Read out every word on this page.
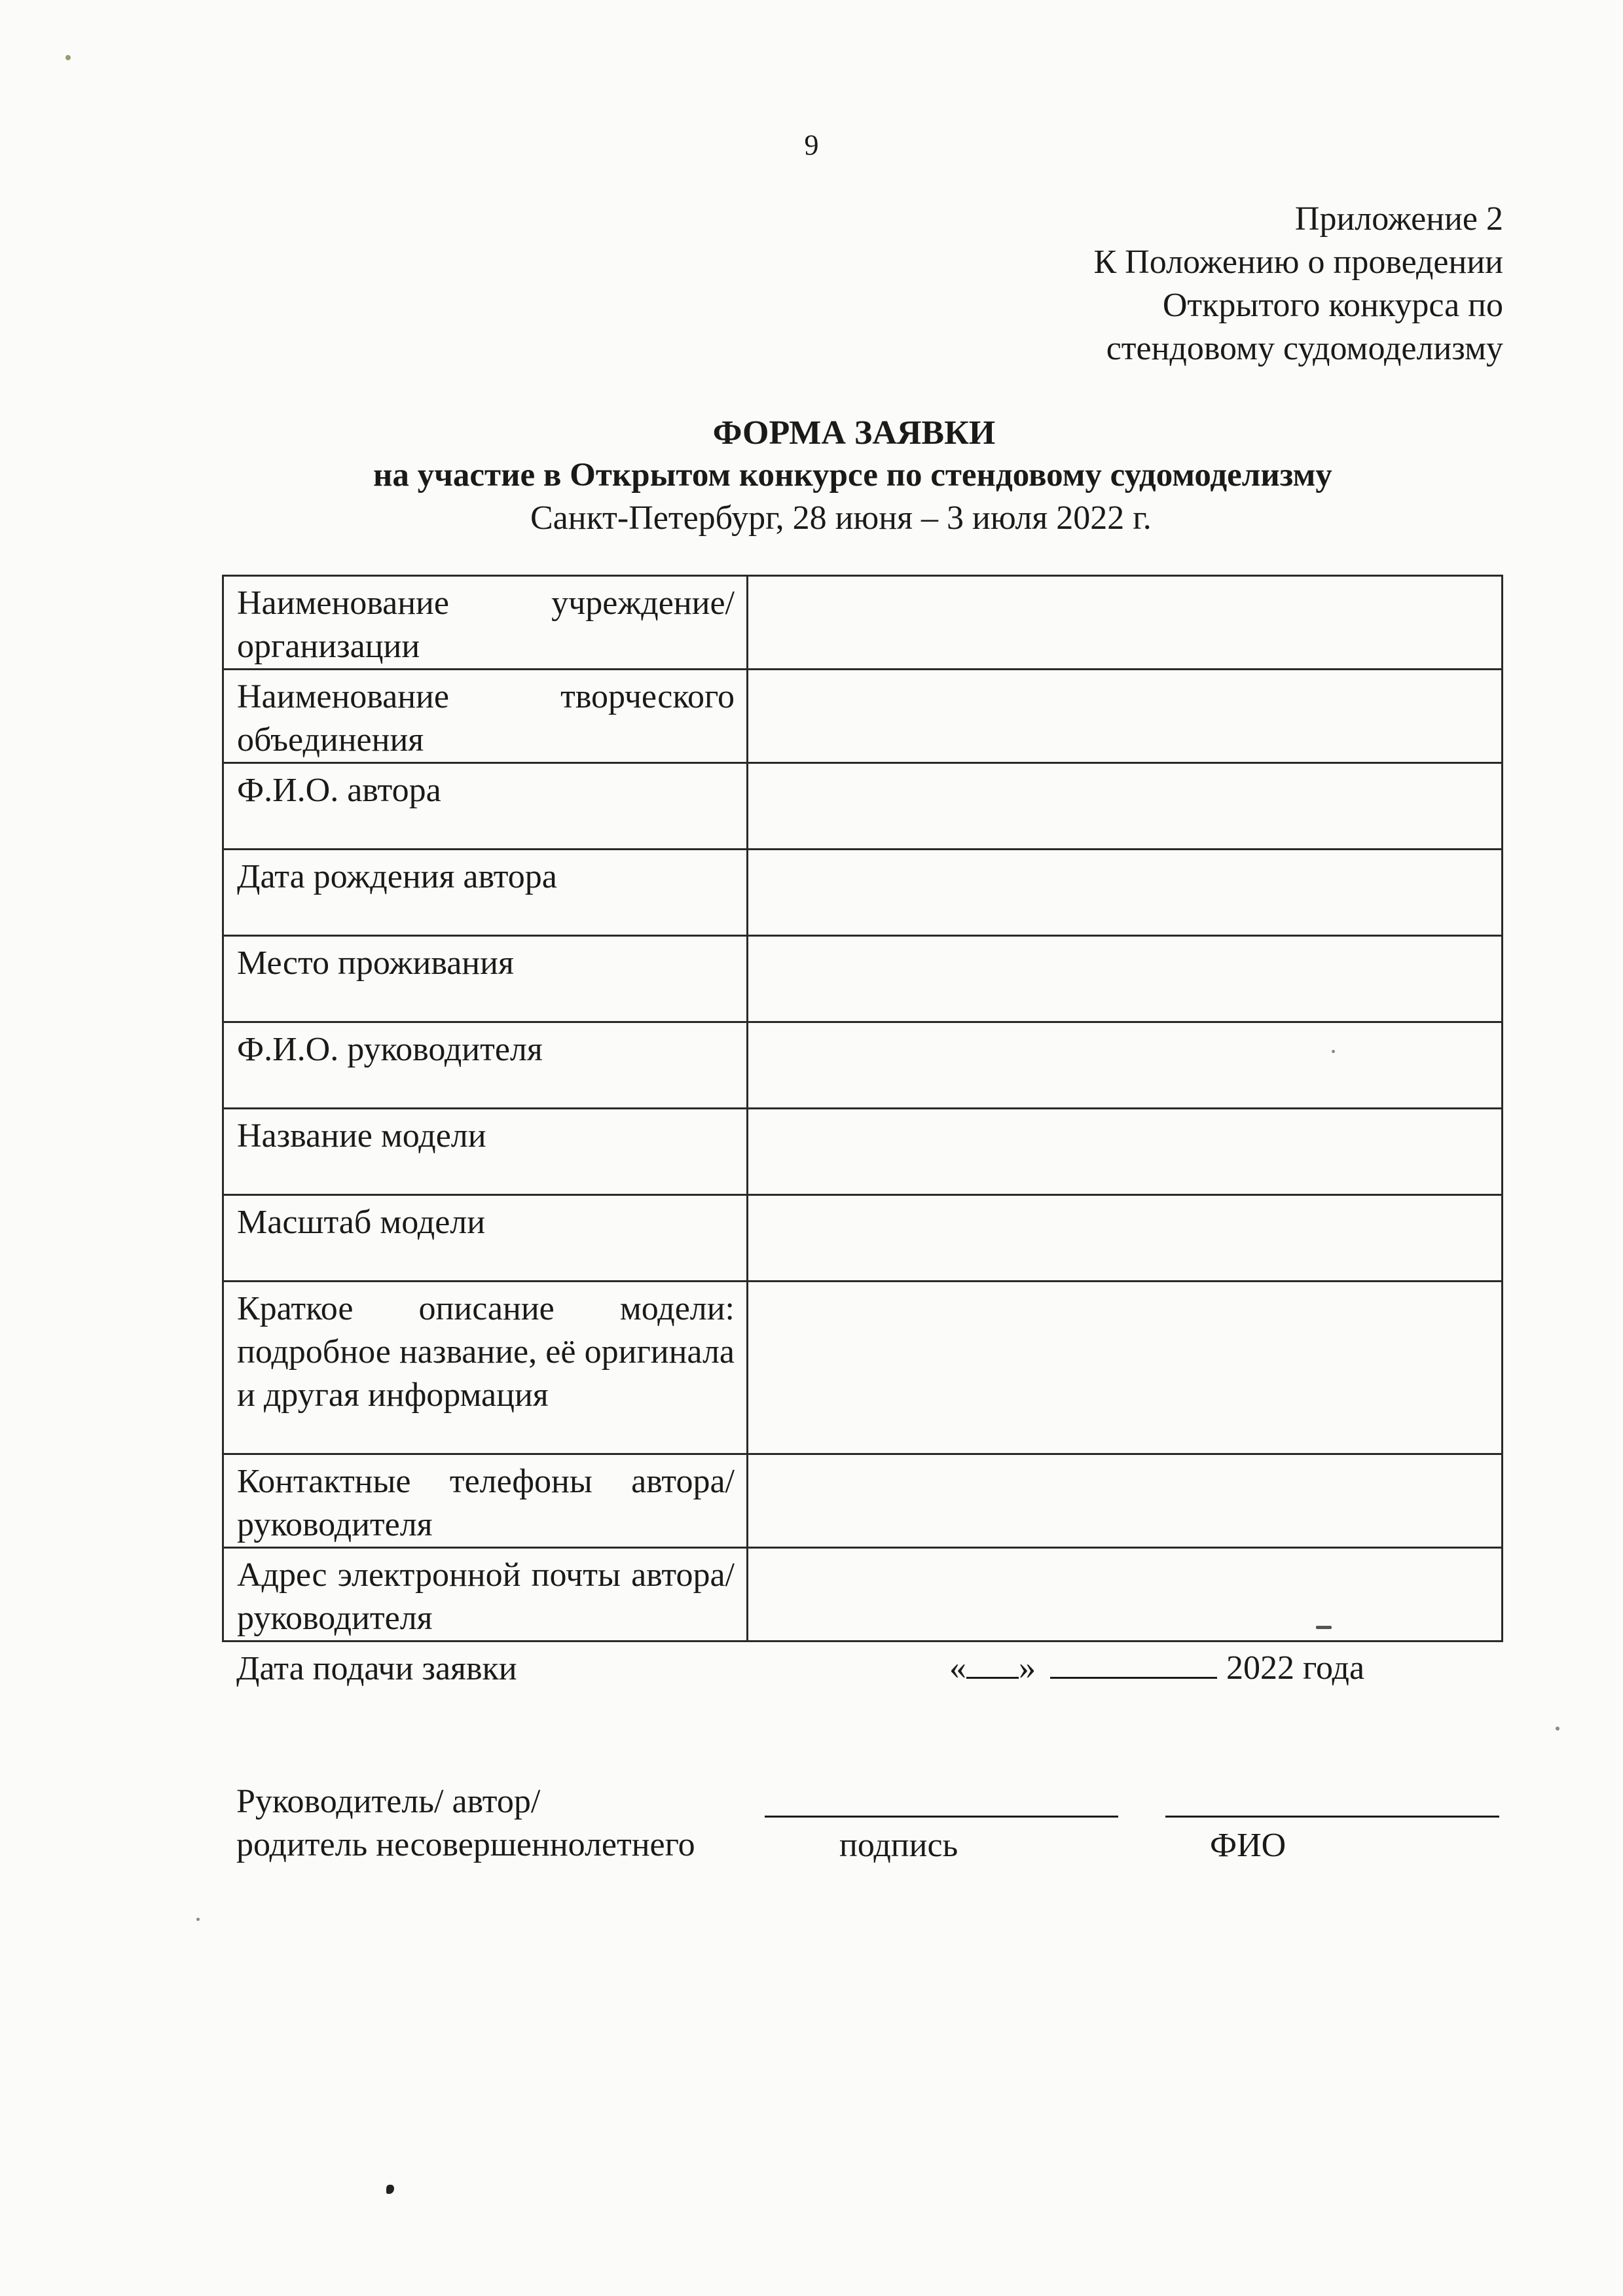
9
Приложение 2
К Положению о проведении
Открытого конкурса по
стендовому судомоделизму
ФОРМА ЗАЯВКИ
на участие в Открытом конкурсе по стендовому судомоделизму
Санкт-Петербург, 28 июня – 3 июля 2022 г.
Наименование учреждение/организации	
Наименование творческого объединения	
Ф.И.О. автора	
Дата рождения автора	
Место проживания	
Ф.И.О. руководителя	
Название модели	
Масштаб модели	
Краткое описание модели: подробное название, её оригинала и другая информация	
Контактные телефоны автора/руководителя	
Адрес электронной почты автора/руководителя	
Дата подачи заявки	« »	2022 года
Руководитель/ автор/
родитель несовершеннолетнего	подпись	ФИО
